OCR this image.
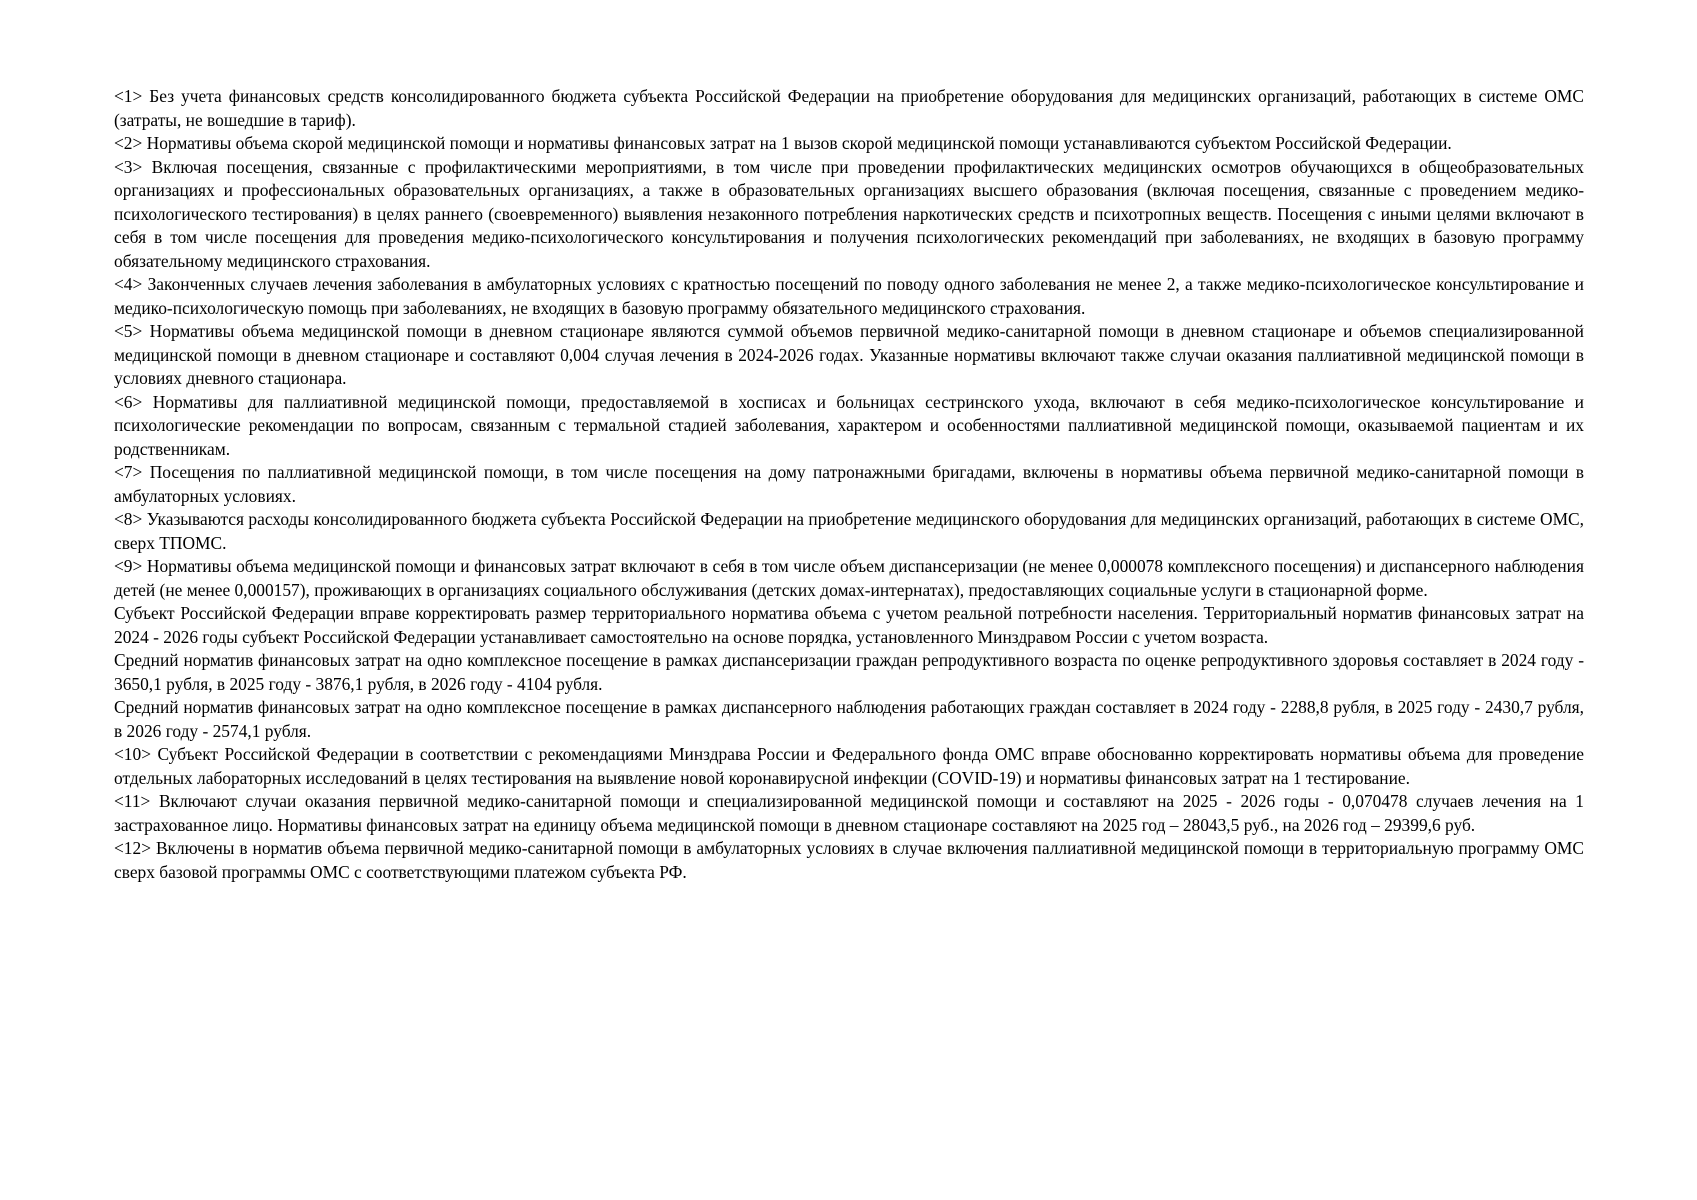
<1> Без учета финансовых средств консолидированного бюджета субъекта Российской Федерации на приобретение оборудования для медицинских организаций, работающих в системе ОМС (затраты, не вошедшие в тариф).

<2> Нормативы объема скорой медицинской помощи и нормативы финансовых затрат на 1 вызов скорой медицинской помощи устанавливаются субъектом Российской Федерации.

<3> Включая посещения, связанные с профилактическими мероприятиями, в том числе при проведении профилактических медицинских осмотров обучающихся в общеобразовательных организациях и профессиональных образовательных организациях, а также в образовательных организациях высшего образования (включая посещения, связанные с проведением медико-психологического тестирования) в целях раннего (своевременного) выявления незаконного потребления наркотических средств и психотропных веществ. Посещения с иными целями включают в себя в том числе посещения для проведения медико-психологического консультирования и получения психологических рекомендаций при заболеваниях, не входящих в базовую программу обязательному медицинского страхования.

<4> Законченных случаев лечения заболевания в амбулаторных условиях с кратностью посещений по поводу одного заболевания не менее 2, а также медико-психологическое консультирование и медико-психологическую помощь при заболеваниях, не входящих в базовую программу обязательного медицинского страхования.

<5> Нормативы объема медицинской помощи в дневном стационаре являются суммой объемов первичной медико-санитарной помощи в дневном стационаре и объемов специализированной медицинской помощи в дневном стационаре и составляют 0,004 случая лечения в 2024-2026 годах. Указанные нормативы включают также случаи оказания паллиативной медицинской помощи в условиях дневного стационара.

<6> Нормативы для паллиативной медицинской помощи, предоставляемой в хосписах и больницах сестринского ухода, включают в себя медико-психологическое консультирование и психологические рекомендации по вопросам, связанным с термальной стадией заболевания, характером и особенностями паллиативной медицинской помощи, оказываемой пациентам и их родственникам.

<7> Посещения по паллиативной медицинской помощи, в том числе посещения на дому патронажными бригадами, включены в нормативы объема первичной медико-санитарной помощи в амбулаторных условиях.

<8> Указываются расходы консолидированного бюджета субъекта Российской Федерации на приобретение медицинского оборудования для медицинских организаций, работающих в системе ОМС, сверх ТПОМС.

<9> Нормативы объема медицинской помощи и финансовых затрат включают в себя в том числе объем диспансеризации (не менее 0,000078 комплексного посещения) и диспансерного наблюдения детей (не менее 0,000157), проживающих в организациях социального обслуживания (детских домах-интернатах), предоставляющих социальные услуги в стационарной форме.

Субъект Российской Федерации вправе корректировать размер территориального норматива объема с учетом реальной потребности населения. Территориальный норматив финансовых затрат на 2024 - 2026 годы субъект Российской Федерации устанавливает самостоятельно на основе порядка, установленного Минздравом России с учетом возраста.

Средний норматив финансовых затрат на одно комплексное посещение в рамках диспансеризации граждан репродуктивного возраста по оценке репродуктивного здоровья составляет в 2024 году - 3650,1 рубля, в 2025 году - 3876,1 рубля, в 2026 году - 4104 рубля.

Средний норматив финансовых затрат на одно комплексное посещение в рамках диспансерного наблюдения работающих граждан составляет в 2024 году - 2288,8 рубля, в 2025 году - 2430,7 рубля, в 2026 году - 2574,1 рубля.

<10> Субъект Российской Федерации в соответствии с рекомендациями Минздрава России и Федерального фонда ОМС вправе обоснованно корректировать нормативы объема для проведение отдельных лабораторных исследований в целях тестирования на выявление новой коронавирусной инфекции (COVID-19) и нормативы финансовых затрат на 1 тестирование.

<11> Включают случаи оказания первичной медико-санитарной помощи и специализированной медицинской помощи и составляют на 2025 - 2026 годы - 0,070478 случаев лечения на 1 застрахованное лицо. Нормативы финансовых затрат на единицу объема медицинской помощи в дневном стационаре составляют на 2025 год – 28043,5 руб., на 2026 год – 29399,6 руб.

<12> Включены в норматив объема первичной медико-санитарной помощи в амбулаторных условиях в случае включения паллиативной медицинской помощи в территориальную программу ОМС сверх базовой программы ОМС с соответствующими платежом субъекта РФ.
